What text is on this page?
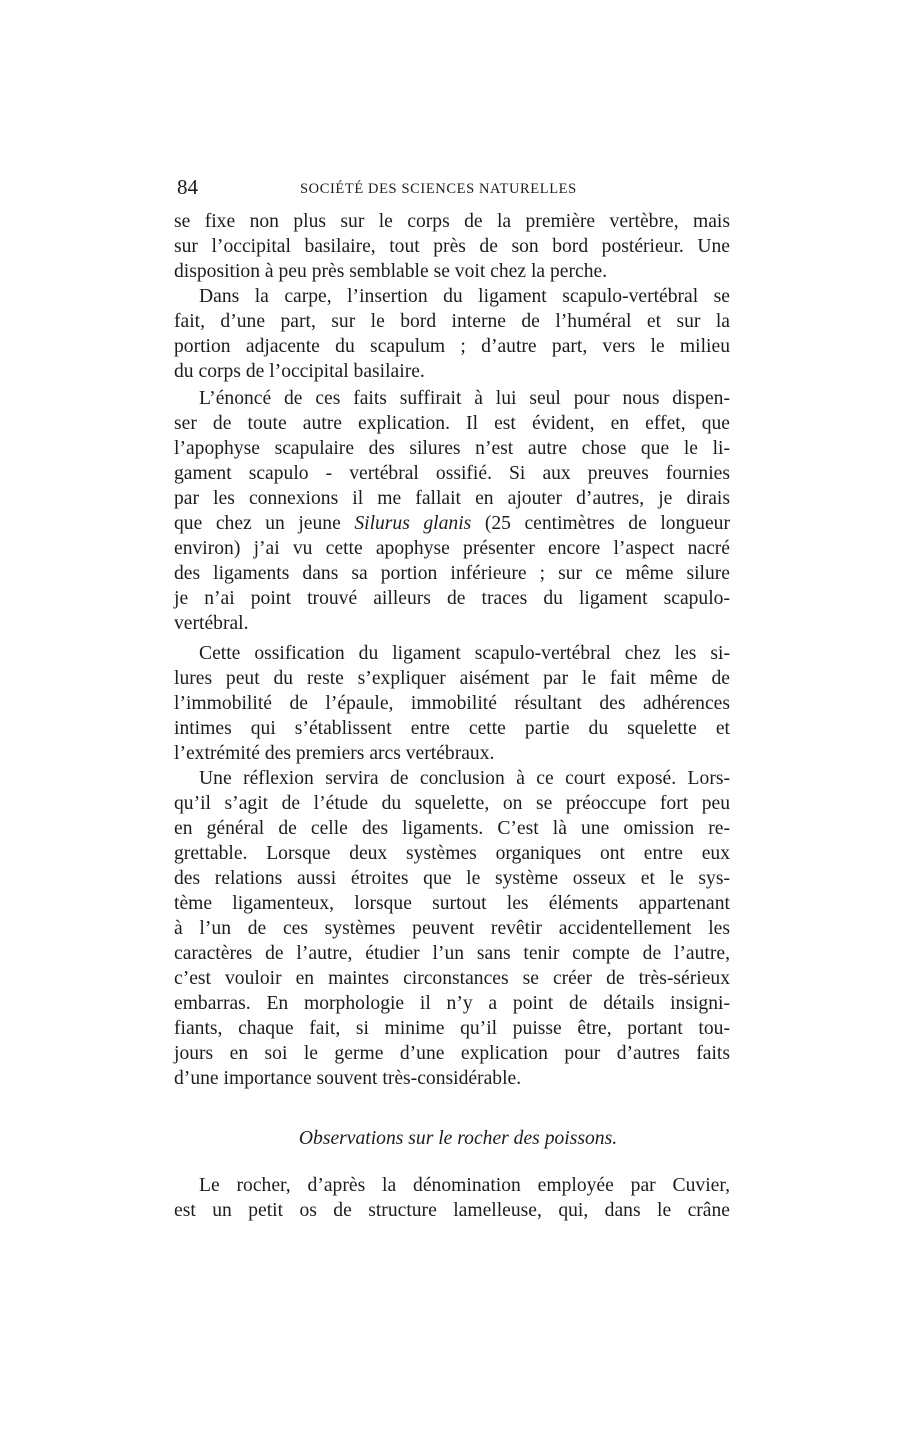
84	SOCIÉTÉ DES SCIENCES NATURELLES
se fixe non plus sur le corps de la première vertèbre, mais
sur l’occipital basilaire, tout près de son bord postérieur. Une
disposition à peu près semblable se voit chez la perche.
Dans la carpe, l’insertion du ligament scapulo-vertébral se
fait, d’une part, sur le bord interne de l’huméral et sur la
portion adjacente du scapulum ; d’autre part, vers le milieu
du corps de l’occipital basilaire.
L’énoncé de ces faits suffirait à lui seul pour nous dispen-
ser de toute autre explication. Il est évident, en effet, que
l’apophyse scapulaire des silures n’est autre chose que le li-
gament scapulo - vertébral ossifié. Si aux preuves fournies
par les connexions il me fallait en ajouter d’autres, je dirais
que chez un jeune Silurus glanis (25 centimètres de longueur
environ) j’ai vu cette apophyse présenter encore l’aspect nacré
des ligaments dans sa portion inférieure ; sur ce même silure
je n’ai point trouvé ailleurs de traces du ligament scapulo-
vertébral.
Cette ossification du ligament scapulo-vertébral chez les si-
lures peut du reste s’expliquer aisément par le fait même de
l’immobilité de l’épaule, immobilité résultant des adhérences
intimes qui s’établissent entre cette partie du squelette et
l’extrémité des premiers arcs vertébraux.
Une réflexion servira de conclusion à ce court exposé. Lors-
qu’il s’agit de l’étude du squelette, on se préoccupe fort peu
en général de celle des ligaments. C’est là une omission re-
grettable. Lorsque deux systèmes organiques ont entre eux
des relations aussi étroites que le système osseux et le sys-
tème ligamenteux, lorsque surtout les éléments appartenant
à l’un de ces systèmes peuvent revêtir accidentellement les
caractères de l’autre, étudier l’un sans tenir compte de l’autre,
c’est vouloir en maintes circonstances se créer de très-sérieux
embarras. En morphologie il n’y a point de détails insigni-
fiants, chaque fait, si minime qu’il puisse être, portant tou-
jours en soi le germe d’une explication pour d’autres faits
d’une importance souvent très-considérable.
Observations sur le rocher des poissons.
Le rocher, d’après la dénomination employée par Cuvier,
est un petit os de structure lamelleuse, qui, dans le crâne
